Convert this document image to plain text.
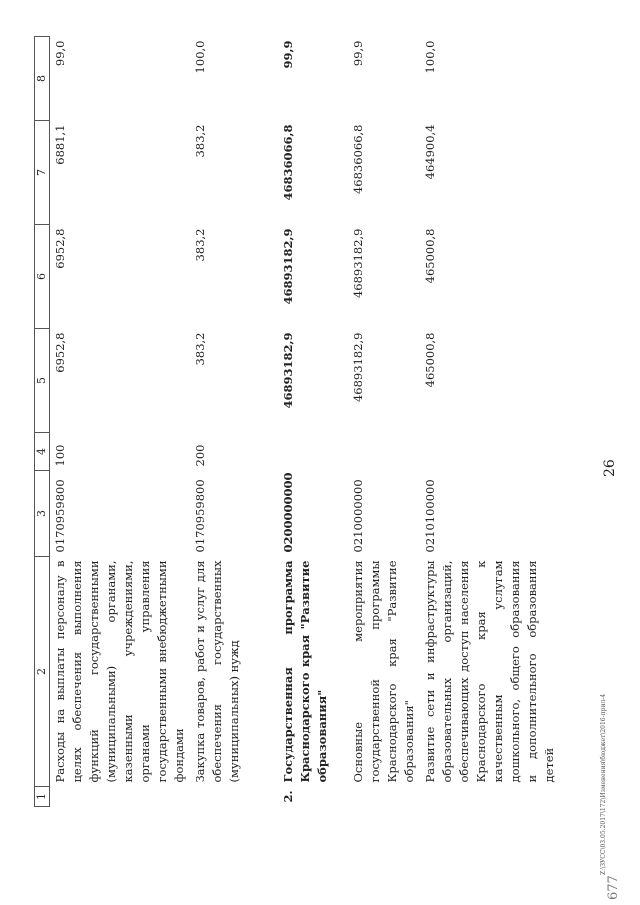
677
26
Z:\ЗУСС\03.05.2017\172\Изменения\бюджет\2016-прил-4
1	2	3	4	5	6	7	8
	Расходы на выплаты персоналу в целях обеспечения выполнения функций государственными (муниципальными) органами, казенными учреждениями, органами управления государственными внебюджетными фондами	0170959800	100	6952,8	6952,8	6881,1	99,0
	Закупка товаров, работ и услуг для обеспечения государственных (муниципальных) нужд	0170959800	200	383,2	383,2	383,2	100,0
2.	Государственная программа Краснодарского края "Развитие образования"	0200000000		46893182,9	46893182,9	46836066,8	99,9
	Основные мероприятия государственной программы Краснодарского края "Развитие образования"	0210000000		46893182,9	46893182,9	46836066,8	99,9
	Развитие сети и инфраструктуры образовательных организаций, обеспечивающих доступ населения Краснодарского края к качественным услугам дошкольного, общего образования и дополнительного образования детей	0210100000		465000,8	465000,8	464900,4	100,0
